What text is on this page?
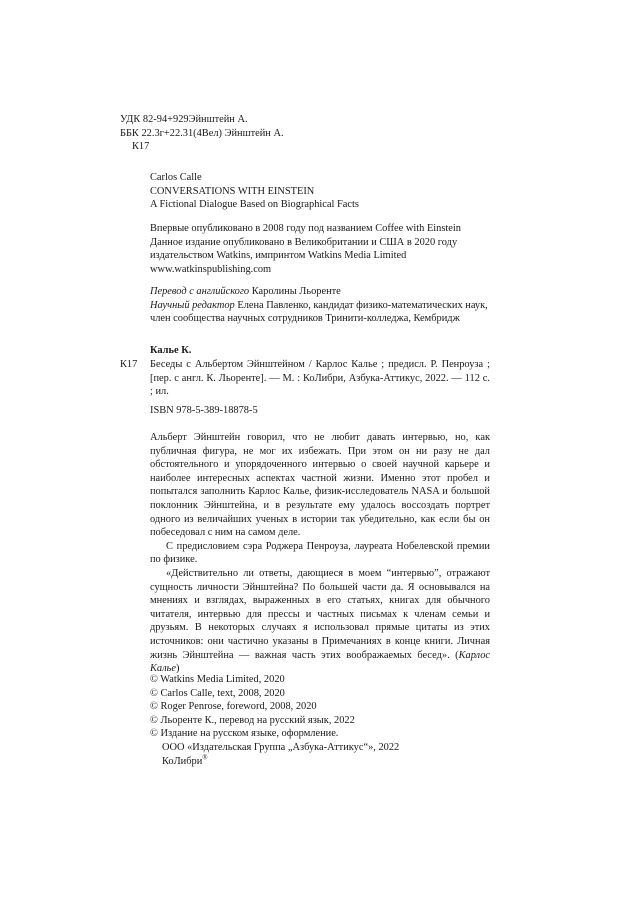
УДК 82-94+929Эйнштейн А.
ББК 22.3г+22.31(4Вел) Эйнштейн А.
К17
Carlos Calle
CONVERSATIONS WITH EINSTEIN
A Fictional Dialogue Based on Biographical Facts
Впервые опубликовано в 2008 году под названием Coffee with Einstein
Данное издание опубликовано в Великобритании и США в 2020 году
издательством Watkins, импринтом Watkins Media Limited
www.watkinspublishing.com
Перевод с английского Каролины Льоренте
Научный редактор Елена Павленко, кандидат физико-математических наук, член сообщества научных сотрудников Тринити-колледжа, Кембридж
Калье К.
К17 Беседы с Альбертом Эйнштейном / Карлос Калье ; предисл. Р. Пенроуза ; [пер. с англ. К. Льоренте]. — М. : КоЛибри, Азбука-Аттикус, 2022. — 112 с. ; ил.
ISBN 978-5-389-18878-5

Альберт Эйнштейн говорил, что не любит давать интервью, но, как публичная фигура, не мог их избежать. При этом он ни разу не дал обстоятельного и упорядоченного интервью о своей научной карьере и наиболее интересных аспектах частной жизни. Именно этот пробел и попытался заполнить Карлос Калье, физик-исследователь NASA и большой поклонник Эйнштейна, и в результате ему удалось воссоздать портрет одного из величайших ученых в истории так убедительно, как если бы он побеседовал с ним на самом деле.

С предисловием сэра Роджера Пенроуза, лауреата Нобелевской премии по физике.

«Действительно ли ответы, дающиеся в моем “интервью”, отражают сущность личности Эйнштейна? По большей части да. Я основывался на мнениях и взглядах, выраженных в его статьях, книгах для обычного читателя, интервью для прессы и частных письмах к членам семьи и друзьям. В некоторых случаях я использовал прямые цитаты из этих источников: они частично указаны в Примечаниях в конце книги. Личная жизнь Эйнштейна — важная часть этих воображаемых бесед». (Карлос Калье)

© Watkins Media Limited, 2020
© Carlos Calle, text, 2008, 2020
© Roger Penrose, foreword, 2008, 2020
© Льоренте К., перевод на русский язык, 2022
© Издание на русском языке, оформление.
ООО «Издательская Группа „Азбука-Аттикус“», 2022
КоЛибри®
